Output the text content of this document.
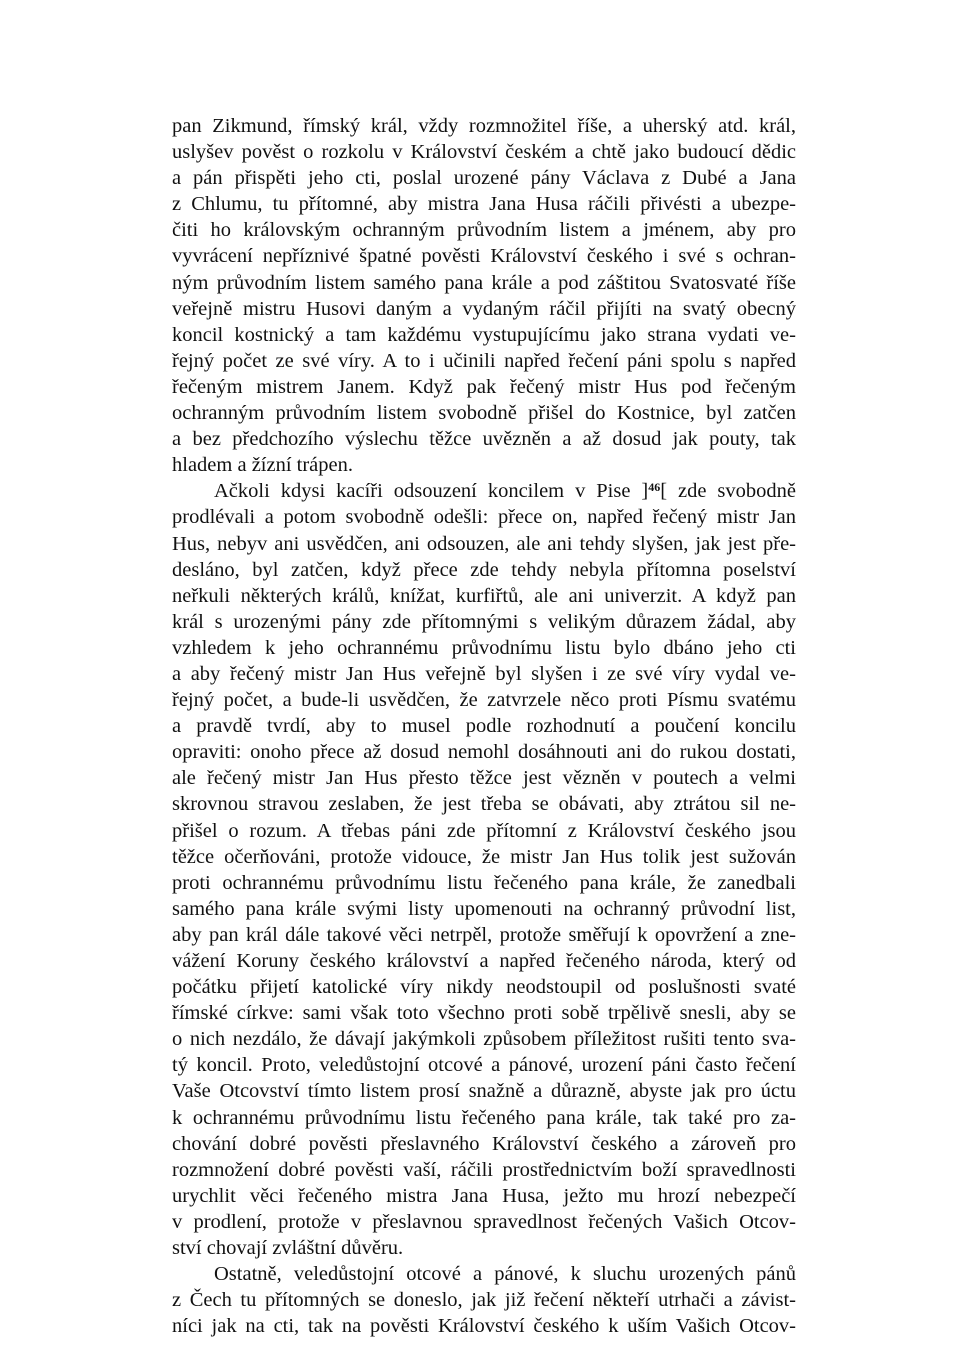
pan Zikmund, římský král, vždy rozmnožitel říše, a uherský atd. král,
uslyšev pověst o rozkolu v Království českém a chtě jako budoucí dědic
a pán přispěti jeho cti, poslal urozené pány Václava z Dubé a Jana
z Chlumu, tu přítomné, aby mistra Jana Husa ráčili přivésti a ubezpe-
čiti ho královským ochranným průvodním listem a jménem, aby pro
vyvrácení nepříznivé špatné pověsti Království českého i své s ochran-
ným průvodním listem samého pana krále a pod záštitou Svatosvaté říše
veřejně mistru Husovi daným a vydaným ráčil přijíti na svatý obecný
koncil kostnický a tam každému vystupujícímu jako strana vydati ve-
řejný počet ze své víry. A to i učinili napřed řečení páni spolu s napřed
řečeným mistrem Janem. Když pak řečený mistr Hus pod řečeným
ochranným průvodním listem svobodně přišel do Kostnice, byl zatčen
a bez předchozího výslechu těžce uvězněn a až dosud jak pouty, tak
hladem a žízní trápen.
Ačkoli kdysi kacíři odsouzení koncilem v Pise ]$^{46}$[ zde svobodně
prodlévali a potom svobodně odešli: přece on, napřed řečený mistr Jan
Hus, nebyv ani usvědčen, ani odsouzen, ale ani tehdy slyšen, jak jest pře-
desláno, byl zatčen, když přece zde tehdy nebyla přítomna poselství
neřkuli některých králů, knížat, kurfiřtů, ale ani univerzit. A když pan
král s urozenými pány zde přítomnými s velikým důrazem žádal, aby
vzhledem k jeho ochrannému průvodnímu listu bylo dbáno jeho cti
a aby řečený mistr Jan Hus veřejně byl slyšen i ze své víry vydal ve-
řejný počet, a bude-li usvědčen, že zatvrzele něco proti Písmu svatému
a pravdě tvrdí, aby to musel podle rozhodnutí a poučení koncilu
opraviti: onoho přece až dosud nemohl dosáhnouti ani do rukou dostati,
ale řečený mistr Jan Hus přesto těžce jest vězněn v poutech a velmi
skrovnou stravou zeslaben, že jest třeba se obávati, aby ztrátou sil ne-
přišel o rozum. A třebas páni zde přítomní z Království českého jsou
těžce očerňováni, protože vidouce, že mistr Jan Hus tolik jest sužován
proti ochrannému průvodnímu listu řečeného pana krále, že zanedbali
samého pana krále svými listy upomenouti na ochranný průvodní list,
aby pan král dále takové věci netrpěl, protože směřují k opovržení a zne-
vážení Koruny českého království a napřed řečeného národa, který od
počátku přijetí katolické víry nikdy neodstoupil od poslušnosti svaté
římské církve: sami však toto všechno proti sobě trpělivě snesli, aby se
o nich nezdálo, že dávají jakýmkoli způsobem příležitost rušiti tento sva-
tý koncil. Proto, veledůstojní otcové a pánové, urození páni často řečení
Vaše Otcovství tímto listem prosí snažně a důrazně, abyste jak pro úctu
k ochrannému průvodnímu listu řečeného pana krále, tak také pro za-
chování dobré pověsti přeslavného Království českého a zároveň pro
rozmnožení dobré pověsti vaší, ráčili prostřednictvím boží spravedlnosti
urychlit věci řečeného mistra Jana Husa, ježto mu hrozí nebezpečí
v prodlení, protože v přeslavnou spravedlnost řečených Vašich Otcov-
ství chovají zvláštní důvěru.
Ostatně, veledůstojní otcové a pánové, k sluchu urozených pánů
z Čech tu přítomných se doneslo, jak již řečení někteří utrhači a závist-
níci jak na cti, tak na pověsti Království českého k uším Vašich Otcov-
